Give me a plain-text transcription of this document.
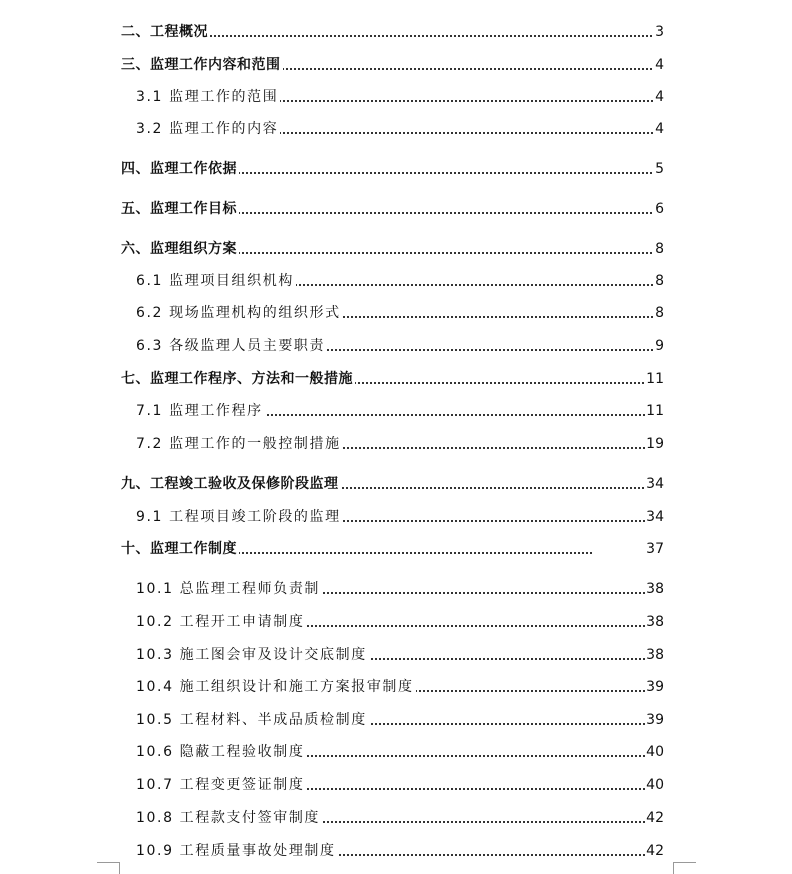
二、工程概况	3
三、监理工作内容和范围	4
3.1 监理工作的范围	4
3.2 监理工作的内容	4
四、监理工作依据	5
五、监理工作目标	6
六、监理组织方案	8
6.1 监理项目组织机构	8
6.2 现场监理机构的组织形式	8
6.3 各级监理人员主要职责	9
七、监理工作程序、方法和一般措施	11
7.1 监理工作程序	11
7.2 监理工作的一般控制措施	19
九、工程竣工验收及保修阶段监理	34
9.1 工程项目竣工阶段的监理	34
十、监理工作制度	37
10.1 总监理工程师负责制	38
10.2 工程开工申请制度	38
10.3 施工图会审及设计交底制度	38
10.4 施工组织设计和施工方案报审制度	39
10.5 工程材料、半成品质检制度	39
10.6 隐蔽工程验收制度	40
10.7 工程变更签证制度	40
10.8 工程款支付签审制度	42
10.9 工程质量事故处理制度	42
